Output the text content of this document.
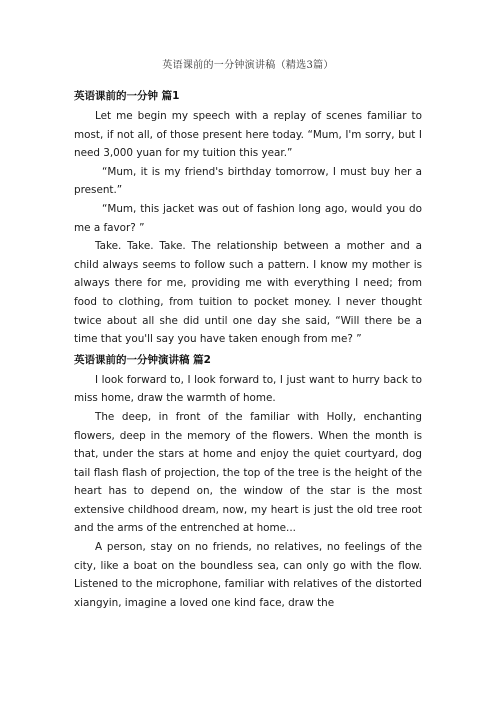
英语课前的一分钟演讲稿（精选3篇）
英语课前的一分钟 篇1

Let me begin my speech with a replay of scenes familiar to most, if not all, of those present here today. “Mum, I'm sorry, but I need 3,000 yuan for my tuition this year.”

“Mum, it is my friend's birthday tomorrow, I must buy her a present.”

“Mum, this jacket was out of fashion long ago, would you do me a favor? ”

Take. Take. Take. The relationship between a mother and a child always seems to follow such a pattern. I know my mother is always there for me, providing me with everything I need; from food to clothing, from tuition to pocket money. I never thought twice about all she did until one day she said, “Will there be a time that you'll say you have taken enough from me? ”

英语课前的一分钟演讲稿 篇2

I look forward to, I look forward to, I just want to hurry back to miss home, draw the warmth of home.

The deep, in front of the familiar with Holly, enchanting flowers, deep in the memory of the flowers. When the month is that, under the stars at home and enjoy the quiet courtyard, dog tail flash flash of projection, the top of the tree is the height of the heart has to depend on, the window of the star is the most extensive childhood dream, now, my heart is just the old tree root and the arms of the entrenched at home...

A person, stay on no friends, no relatives, no feelings of the city, like a boat on the boundless sea, can only go with the flow. Listened to the microphone, familiar with relatives of the distorted xiangyin, imagine a loved one kind face, draw the
